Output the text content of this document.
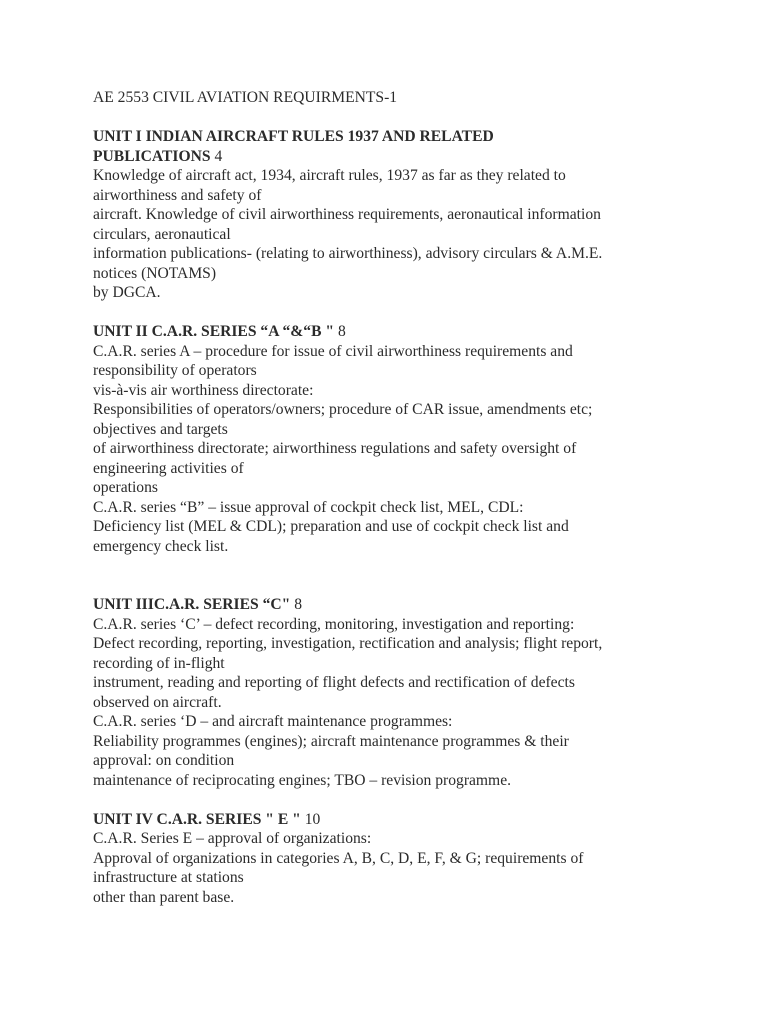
AE 2553 CIVIL AVIATION REQUIRMENTS-1
UNIT I INDIAN AIRCRAFT RULES 1937 AND RELATED
PUBLICATIONS 4
Knowledge of aircraft act, 1934, aircraft rules, 1937 as far as they related to
airworthiness and safety of
aircraft. Knowledge of civil airworthiness requirements, aeronautical information
circulars, aeronautical
information publications- (relating to airworthiness), advisory circulars & A.M.E.
notices (NOTAMS)
by DGCA.
UNIT II C.A.R. SERIES “A “&“B " 8
C.A.R. series A – procedure for issue of civil airworthiness requirements and
responsibility of operators
vis-à-vis air worthiness directorate:
Responsibilities of operators/owners; procedure of CAR issue, amendments etc;
objectives and targets
of airworthiness directorate; airworthiness regulations and safety oversight of
engineering activities of
operations
C.A.R. series “B” – issue approval of cockpit check list, MEL, CDL:
Deficiency list (MEL & CDL); preparation and use of cockpit check list and
emergency check list.
UNIT IIIC.A.R. SERIES “C" 8
C.A.R. series ‘C’ – defect recording, monitoring, investigation and reporting:
Defect recording, reporting, investigation, rectification and analysis; flight report,
recording of in-flight
instrument, reading and reporting of flight defects and rectification of defects
observed on aircraft.
C.A.R. series ‘D – and aircraft maintenance programmes:
Reliability programmes (engines); aircraft maintenance programmes & their
approval: on condition
maintenance of reciprocating engines; TBO – revision programme.
UNIT IV C.A.R. SERIES " E " 10
C.A.R. Series E – approval of organizations:
Approval of organizations in categories A, B, C, D, E, F, & G; requirements of
infrastructure at stations
other than parent base.
